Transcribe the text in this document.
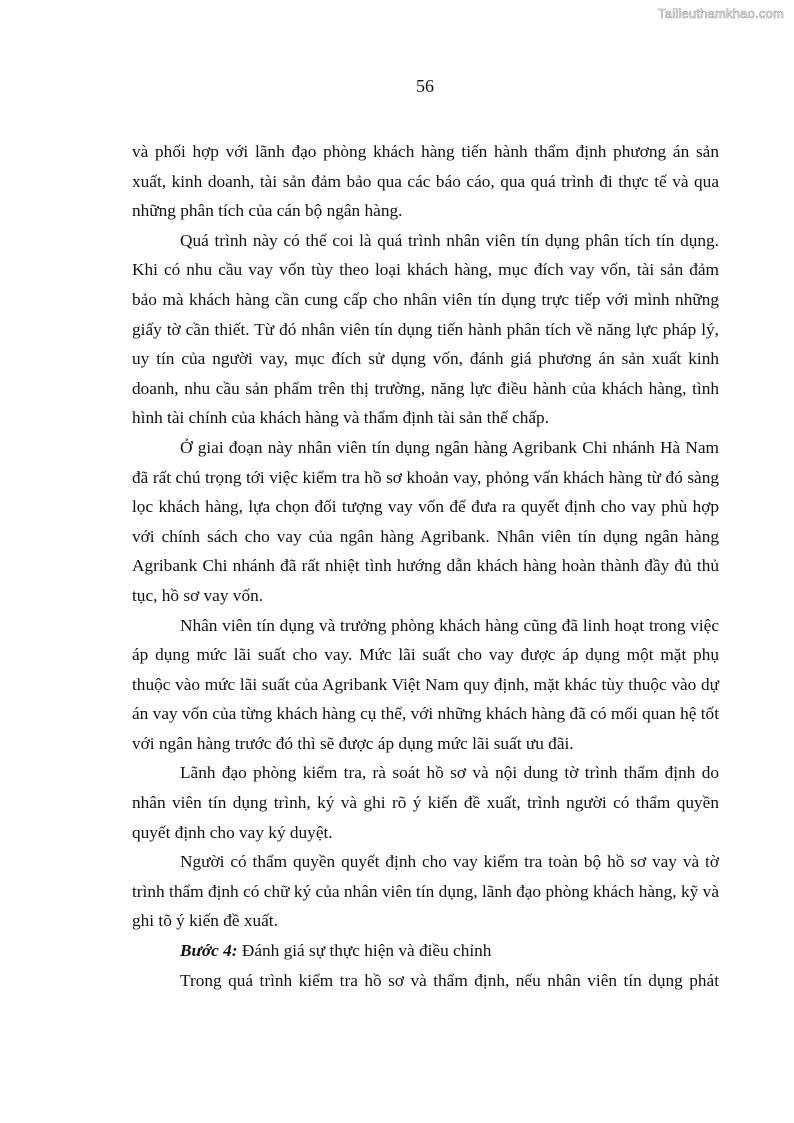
Tailieuthamkhao.com
56

và phối hợp với lãnh đạo phòng khách hàng tiến hành thẩm định phương án sản xuất, kinh doanh, tài sản đảm bảo qua các báo cáo, qua quá trình đi thực tế và qua những phân tích của cán bộ ngân hàng.

Quá trình này có thể coi là quá trình nhân viên tín dụng phân tích tín dụng. Khi có nhu cầu vay vốn tùy theo loại khách hàng, mục đích vay vốn, tài sản đảm bảo mà khách hàng cần cung cấp cho nhân viên tín dụng trực tiếp với mình những giấy tờ cần thiết. Từ đó nhân viên tín dụng tiến hành phân tích về năng lực pháp lý, uy tín của người vay, mục đích sử dụng vốn, đánh giá phương án sản xuất kinh doanh, nhu cầu sản phẩm trên thị trường, năng lực điều hành của khách hàng, tình hình tài chính của khách hàng và thẩm định tài sản thế chấp.

Ở giai đoạn này nhân viên tín dụng ngân hàng Agribank Chi nhánh Hà Nam đã rất chú trọng tới việc kiểm tra hồ sơ khoản vay, phỏng vấn khách hàng từ đó sàng lọc khách hàng, lựa chọn đối tượng vay vốn để đưa ra quyết định cho vay phù hợp với chính sách cho vay của ngân hàng Agribank. Nhân viên tín dụng ngân hàng Agribank Chi nhánh đã rất nhiệt tình hướng dẫn khách hàng hoàn thành đầy đủ thủ tục, hồ sơ vay vốn.

Nhân viên tín dụng và trưởng phòng khách hàng cũng đã linh hoạt trong việc áp dụng mức lãi suất cho vay. Mức lãi suất cho vay được áp dụng một mặt phụ thuộc vào mức lãi suất của Agribank Việt Nam quy định, mặt khác tùy thuộc vào dự án vay vốn của từng khách hàng cụ thể, với những khách hàng đã có mối quan hệ tốt với ngân hàng trước đó thì sẽ được áp dụng mức lãi suất ưu đãi.

Lãnh đạo phòng kiểm tra, rà soát hồ sơ và nội dung tờ trình thẩm định do nhân viên tín dụng trình, ký và ghi rõ ý kiến đề xuất, trình người có thẩm quyền quyết định cho vay ký duyệt.

Người có thẩm quyền quyết định cho vay kiểm tra toàn bộ hồ sơ vay và tờ trình thẩm định có chữ ký của nhân viên tín dụng, lãnh đạo phòng khách hàng, kỹ và ghi tõ ý kiến đề xuất.

Bước 4: Đánh giá sự thực hiện và điều chỉnh

Trong quá trình kiểm tra hồ sơ và thẩm định, nếu nhân viên tín dụng phát
